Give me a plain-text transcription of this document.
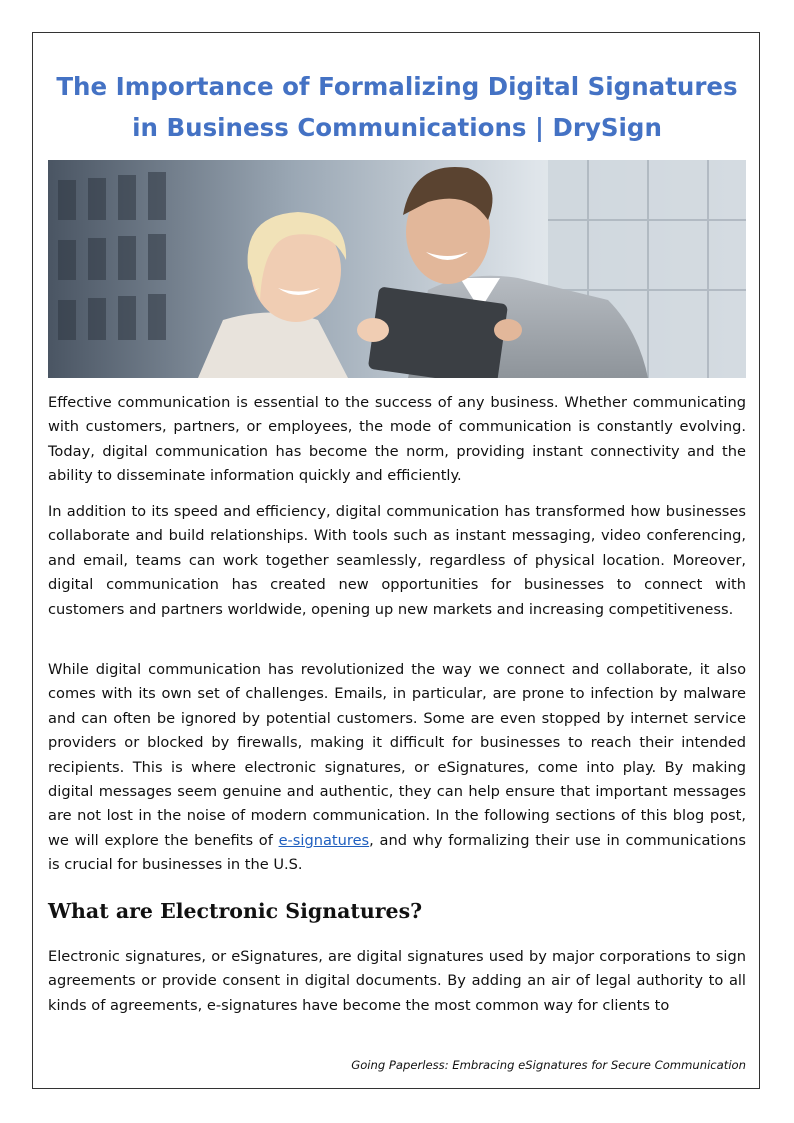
The Importance of Formalizing Digital Signatures in Business Communications | DrySign

Effective communication is essential to the success of any business. Whether communicating with customers, partners, or employees, the mode of communication is constantly evolving. Today, digital communication has become the norm, providing instant connectivity and the ability to disseminate information quickly and efficiently.

In addition to its speed and efficiency, digital communication has transformed how businesses collaborate and build relationships. With tools such as instant messaging, video conferencing, and email, teams can work together seamlessly, regardless of physical location. Moreover, digital communication has created new opportunities for businesses to connect with customers and partners worldwide, opening up new markets and increasing competitiveness.

While digital communication has revolutionized the way we connect and collaborate, it also comes with its own set of challenges. Emails, in particular, are prone to infection by malware and can often be ignored by potential customers. Some are even stopped by internet service providers or blocked by firewalls, making it difficult for businesses to reach their intended recipients. This is where electronic signatures, or eSignatures, come into play. By making digital messages seem genuine and authentic, they can help ensure that important messages are not lost in the noise of modern communication. In the following sections of this blog post, we will explore the benefits of e-signatures, and why formalizing their use in communications is crucial for businesses in the U.S.

What are Electronic Signatures?

Electronic signatures, or eSignatures, are digital signatures used by major corporations to sign agreements or provide consent in digital documents. By adding an air of legal authority to all kinds of agreements, e-signatures have become the most common way for clients to

Going Paperless: Embracing eSignatures for Secure Communication
